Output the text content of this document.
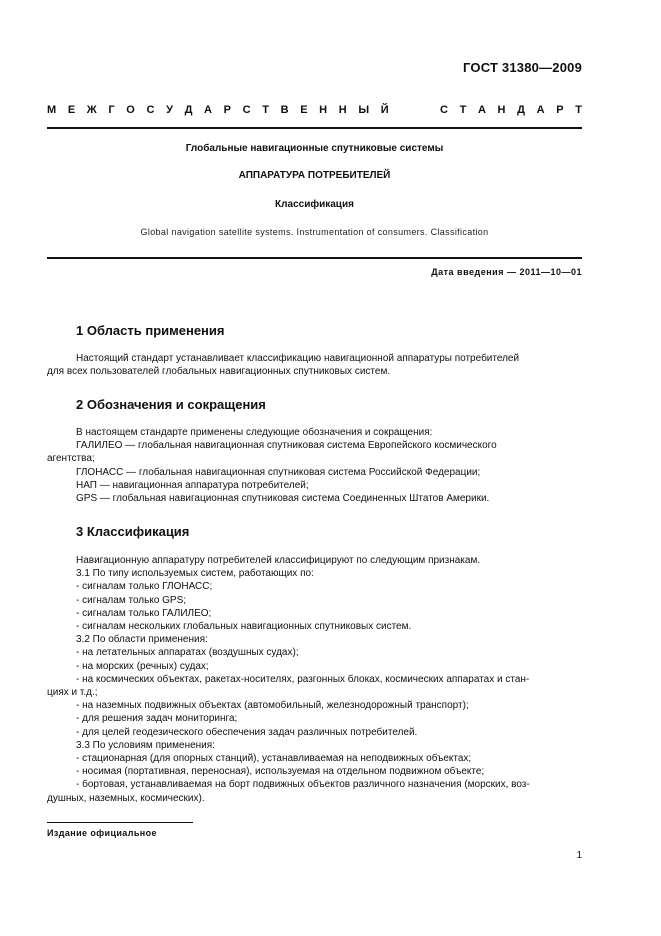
ГОСТ 31380—2009
М Е Ж Г О С У Д А Р С Т В Е Н Н Ы Й	С Т А Н Д А Р Т
Глобальные навигационные спутниковые системы
АППАРАТУРА ПОТРЕБИТЕЛЕЙ
Классификация
Global navigation satellite systems. Instrumentation of consumers. Classification
Дата введения — 2011—10—01
1 Область применения

Настоящий стандарт устанавливает классификацию навигационной аппаратуры потребителей

для всех пользователей глобальных навигационных спутниковых систем.

2 Обозначения и сокращения

В настоящем стандарте применены следующие обозначения и сокращения:

ГАЛИЛЕО — глобальная навигационная спутниковая система Европейского космического

агентства;

ГЛОНАСС — глобальная навигационная спутниковая система Российской Федерации;

НАП — навигационная аппаратура потребителей;

GPS — глобальная навигационная спутниковая система Соединенных Штатов Америки.

3 Классификация

Навигационную аппаратуру потребителей классифицируют по следующим признакам.

3.1 По типу используемых систем, работающих по:

- сигналам только ГЛОНАСС;

- сигналам только GPS;

- сигналам только ГАЛИЛЕО;

- сигналам нескольких глобальных навигационных спутниковых систем.

3.2 По области применения:

- на летательных аппаратах (воздушных судах);

- на морских (речных) судах;

- на космических объектах, ракетах-носителях, разгонных блоках, космических аппаратах и стан-

циях и т.д.;

- на наземных подвижных объектах (автомобильный, железнодорожный транспорт);

- для решения задач мониторинга;

- для целей геодезического обеспечения задач различных потребителей.

3.3 По условиям применения:

- стационарная (для опорных станций), устанавливаемая на неподвижных объектах;

- носимая (портативная, переносная), используемая на отдельном подвижном объекте;

- бортовая, устанавливаемая на борт подвижных объектов различного назначения (морских, воз-

душных, наземных, космических).

Издание официальное
1
